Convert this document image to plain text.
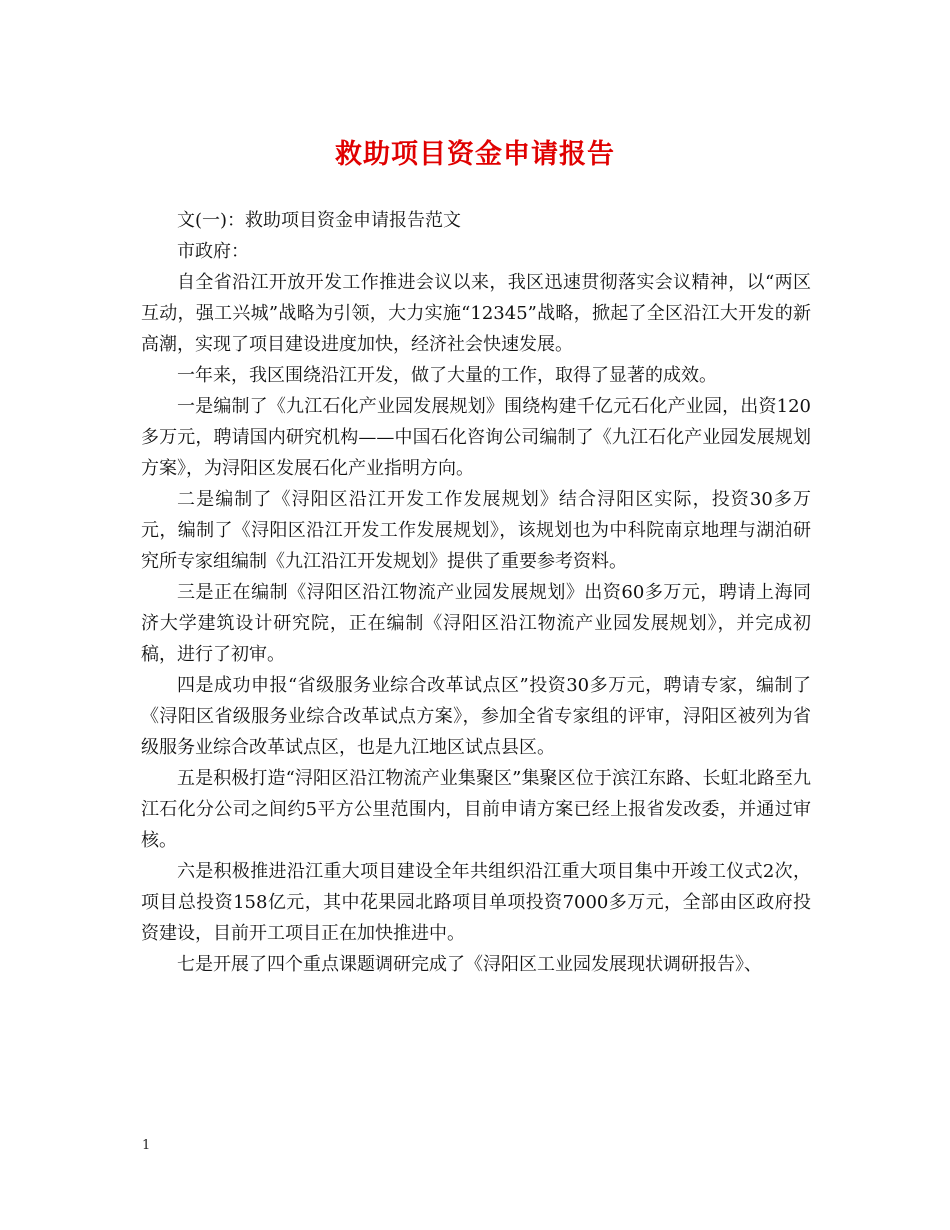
救助项目资金申请报告

文(一)：救助项目资金申请报告范文

市政府：

自全省沿江开放开发工作推进会议以来，我区迅速贯彻落实会议精神，以“两区互动，强工兴城”战略为引领，大力实施“12345”战略，掀起了全区沿江大开发的新高潮，实现了项目建设进度加快，经济社会快速发展。

一年来，我区围绕沿江开发，做了大量的工作，取得了显著的成效。

一是编制了《九江石化产业园发展规划》围绕构建千亿元石化产业园，出资120多万元，聘请国内研究机构——中国石化咨询公司编制了《九江石化产业园发展规划方案》，为浔阳区发展石化产业指明方向。

二是编制了《浔阳区沿江开发工作发展规划》结合浔阳区实际，投资30多万元，编制了《浔阳区沿江开发工作发展规划》，该规划也为中科院南京地理与湖泊研究所专家组编制《九江沿江开发规划》提供了重要参考资料。

三是正在编制《浔阳区沿江物流产业园发展规划》出资60多万元，聘请上海同济大学建筑设计研究院，正在编制《浔阳区沿江物流产业园发展规划》，并完成初稿，进行了初审。

四是成功申报“省级服务业综合改革试点区”投资30多万元，聘请专家，编制了《浔阳区省级服务业综合改革试点方案》，参加全省专家组的评审，浔阳区被列为省级服务业综合改革试点区，也是九江地区试点县区。

五是积极打造“浔阳区沿江物流产业集聚区”集聚区位于滨江东路、长虹北路至九江石化分公司之间约5平方公里范围内，目前申请方案已经上报省发改委，并通过审核。

六是积极推进沿江重大项目建设全年共组织沿江重大项目集中开竣工仪式2次，项目总投资158亿元，其中花果园北路项目单项投资7000多万元，全部由区政府投资建设，目前开工项目正在加快推进中。

七是开展了四个重点课题调研完成了《浔阳区工业园发展现状调研报告》、

1
